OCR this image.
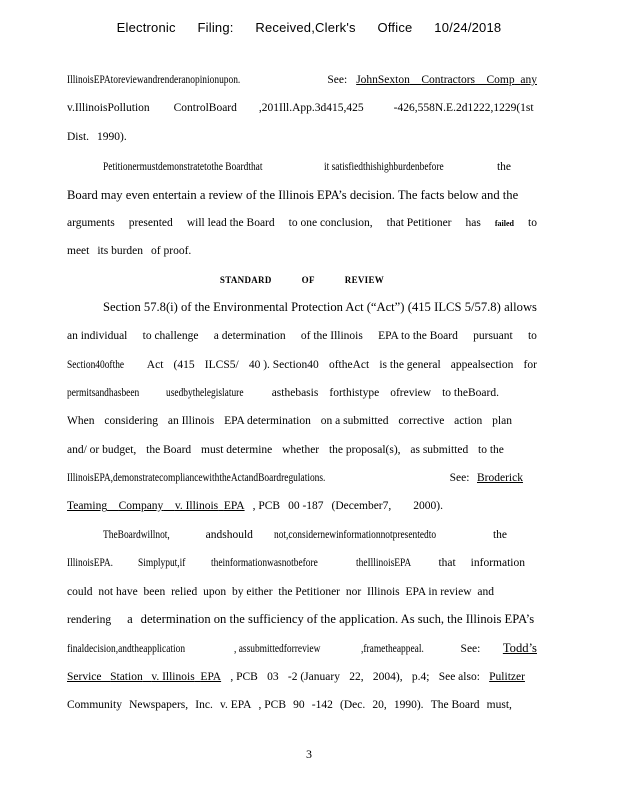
Electronic Filing: Received,Clerk's Office 10/24/2018
IllinoisEPAtoreviewandrenderanopinionupon.	See: JohnSexton Contractors Comp any
v.IllinoisPollution ControlBoard ,201Ill.App.3d415,425	-426,558N.E.2d1222,1229(1st
Dist. 1990).
Petitionermustdemonstratetothe Boardthat	it satisfiedthishighburdenbefore	the
Board may even entertain a review of the Illinois EPA’s decision. The facts below and the
arguments presented will lead the Board to one conclusion, that Petitioner has failed to
meet its burden of proof.
STANDARD	OF	REVIEW
Section 57.8(i) of the Environmental Protection Act (“Act”) (415 ILCS 5/57.8) allows
an individual to challenge a determination of the Illinois EPA to the Board pursuant to
Section40ofthe Act (415 ILCS5/ 40 ). Section40 oftheAct is the general appealsection for
permitsandhasbeen usedbythelegislature asthebasis forthistype ofreview to theBoard.
When considering an Illinois EPA determination on a submitted corrective action plan
and/ or budget, the Board must determine whether the proposal(s), as submitted to the
IllinoisEPA,demonstratecompliancewiththeActandBoardregulations.	See: Broderick
Teaming Company v. Illinois EPA , PCB 00 -187 (December7, 2000).
TheBoardwillnot,	andshould not,considernewinformationnotpresentedto	the
IllinoisEPA. Simplyput,if theinformationwasnotbefore	theIllinoisEPA that information
could not have been relied upon by either the Petitioner nor Illinois EPA in review and
rendering a determination on the sufficiency of the application. As such, the Illinois EPA’s
finaldecision,andtheapplication	, assubmittedforreview	,frametheappeal.	See: Todd’s
Service Station v. Illinois EPA , PCB 03 -2 (January 22, 2004), p.4; See also: Pulitzer
Community Newspapers, Inc. v. EPA , PCB 90 -142 (Dec. 20, 1990). The Board must,
3
